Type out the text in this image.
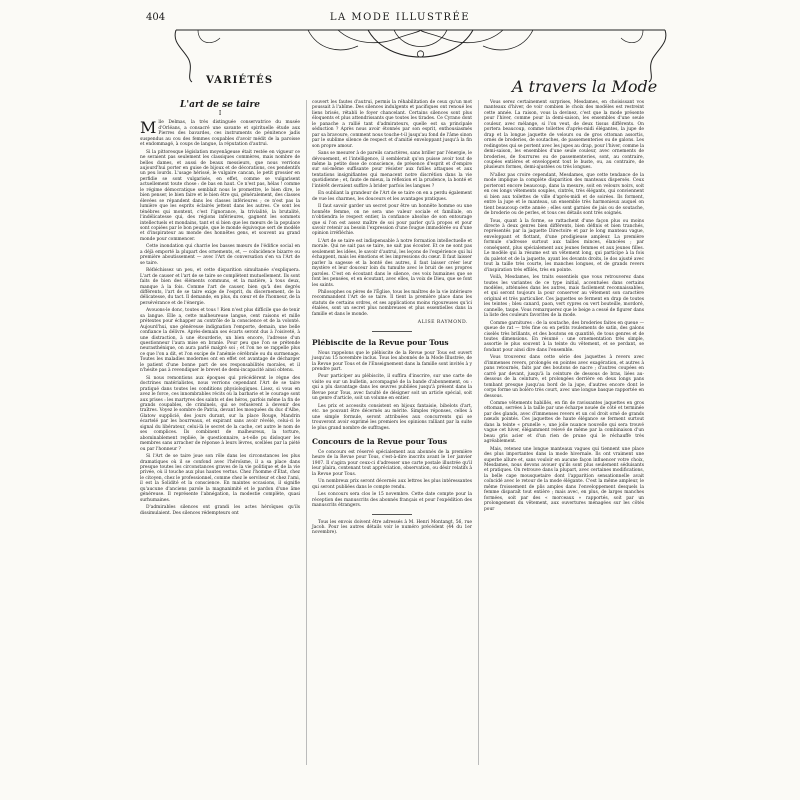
404	LA MODE ILLUSTRÉE
VARIÉTÉS
L'art de se taire
I

Mlle Delmas, la très distinguée conservatrice du musée d'Orléans, a consacré une savante et spirituelle étude aux Pierres des bavardes, ces instruments de pénitence jadis suspendus au cou des femmes coupables d'avoir médit de la paroisse et endommagé, à coups de langue, la réputation d'autrui.

Si la pittoresque législation moyenâgeuse était restée en vigueur ce ne seraient pas seulement les classiques commères, mais nombre de belles dames, et aussi de beaux messieurs, que nous verrions aujourd'hui porter en guise de bijoux et de décorations, ces pendentifs un peu lourds. L'usage hérissé, le vulgaire cancan, le petit grossier en perfidie se sont vulgarisés, en effet, comme se vulgarisent actuellement toute chose : de bas en haut. Ce n'est pas, hélas ! comme le régime démocratique semblait nous le promettre, le bien dire, le bien penser, le bien faire et le bien être qui, généralement, des classes élevées se répandent dans les classes inférieures ; ce n'est pas la lumière que les esprits éclairés jettent dans les autres. Ce sont les ténèbres qui montent, c'est l'ignorance, la trivialité, la brutalité, l'indélicatesse qui, des régions inférieures, gagnent les sommets intellectuels et mondains, tant et si bien que les mœurs de la populace sont copiées par le bon peuple, que le monde équivoque sert de modèle et d'inspirateur au monde des honnêtes gens, et souvent au grand monde pour commencer.

Cette inondation qui charrie les basses mœurs de l'édifice social en a déjà emporté la plupart des ornements, et, — coïncidence bizarre ou première aboutissement — avec l'Art de conversation s'en va l'Art de se taire.

Réfléchissez un peu, et cette disparition simultanée s'expliquera. L'art de causer et l'art de se taire se complètent mutuellement. Ils sont faits de bien des éléments communs, et la matière, à tous deux, manque à la fois. Comme l'art de causer, bien qu'à des degrés différents, l'art de se taire exige de l'esprit, du discernement, de la délicatesse, du tact. Il demande, en plus, du cœur et de l'honneur, de la persévérance et de l'énergie.

Avouons-le donc, toutes et tous ! Rien n'est plus difficile que de tenir sa langue. Elle a, cette malheureuse langue, cent raisons et mille prétextes pour échapper au contrôle de la conscience et de la volonté. Aujourd'hui, une généreuse indignation l'emporte, demain, une belle confiance la délivre. Après-demain ses écarts seront dus à l'oisiveté, à une distraction, à une étourderie, un bien encore, l'adresse d'un questionneur l'aura mise en branle. Pour peu que l'on se prétende neurasthénique, on aura parlé malgré soi ; et l'on ne se rappelle plus ce que l'on a dit, et l'on excipe de l'anémie cérébrale ou du surmenage. Toutes les maladies modernes ont en effet cet avantage de décharger le patient d'une bonne part de ses responsabilités morales, et il n'hésite pas à revendiquer le brevet de demi-incapacité ainsi obtenu.

Si nous remontions aux époques qui précédèrent le règne des doctrines matérialistes, nous verrions cependant l'Art de se taire pratiqué dans toutes les conditions physiologiques. Lisez, si vous en avez le force, ces innombrables récits où la barbarie et le courage sont aux prises : les martyres des saints et des héros, parfois même la fin de grands coupables, de criminels, qui se refusèrent à devenir des traîtres. Voyez le sombre de Patria, devant les mosquées du duc d'Albe, Glatow supplicié, des jours durant, sur la place Rouge, Mandrin écartelé par les bourreaux, et expirant sans avoir révélé, celui-ci le signal du libérateur, celui-là le secret de la cache, cet autre le nom de ses complices. Ils combinent de malheureux, la torture, abominablement repliée, le questionnaire, a-t-elle pu disloquer les membres sans arracher de réponse à leurs lèvres, scellées par la piété ou par l'honneur ?

Si l'Art de se taire joue son rôle dans les circonstances les plus dramatiques où il se confond avec l'héroïsme, il a sa place dans presque toutes les circonstances graves de la vie politique et de la vie privée, où il touche aux plus hautes vertus. Chez l'homme d'État, chez le citoyen, chez le professionnel, comme chez le serviteur et chez l'ami, il est la Solidité et la conscience. En maintes occasions, il signifie qu'aucune d'anciens parole la magnanimité et le pardon d'une âme généreuse. Il représente l'abnégation, la modestie complète, quasi surhumaines.

D'admirables silences ont grandi les actes héroïques qu'ils dissimulaient. Des silences rédempteurs ont

couvert les fautes d'autrui, permis la réhabilitation de ceux qu'un mot poussait à l'abîme. Des silences indulgents et pacifiques ont renoué les liens brisés, rétabli le foyer chancelant. Certains silences sont plus éloquents et plus attendrissants que toutes les tirades. Ce Cyrano dont le panache a rallié tant d'admirateurs, quelle est sa principale séduction ? Après nous avoir étonnés par son esprit, enthousiasmés par sa bravoure, comment nous touche-t-il jusqu'au fond de l'âme sinon par le sublime silence de respect et d'amitié enveloppant jusqu'à la fin son propre amour.

Sans se mesurer à de pareils caractères, sans briller par l'énergie, le dévouement, et l'intelligence, il semblerait qu'on puisse avoir tout de même la petite dose de conscience, de présence d'esprit et d'empire sur soi-même suffisante pour résister aux futiles attaques et aux tentations insignifiantes qui menacent notre discrétion dans la vie quotidienne ; et, faute de mieux, la réflexion et la prudence, la bonté et l'intérêt devraient suffire à brider parfois les langues ?

En oubliant la grandeur de l'Art de se taire on en a perdu également de vue les charmes, les douceurs et les avantages pratiques.

Il faut savoir garder un secret pour être un honnête homme ou une honnête femme, on ne sera une valeur sociale et familiale, on n'obtiendra le respect entier, la confiance absolue de son entourage que si l'on est assez maître de soi pour parler qu'à propos et pour savoir retenir au besoin l'expression d'une fougue immodérée ou d'une opinion irréfléchie.

L'Art de se taire est indispensable à notre formation intellectuelle et morale. Qui ne sait pas se taire, ne sait pas écouter. Et ce ne sont pas seulement les idées, le savoir d'autrui, les leçons de l'expérience qui lui échappent, mais les émotions et les impressions du cœur. Il faut laisser parler la sagesse et la bonté des autres, il faut laisser créer leur mystère et leur douceur loin du tumulte avec le bruit de ses propres paroles. C'est en écoutant dans le silence, ces voix humaines que se font les pensées, et en écoutant, avec elles, la voix de Dieu, que se font les saints.

Philosophes ou pères de l'Église, tous les maîtres de la vie intérieure recommandent l'Art de se taire. Il tient la première place dans les statuts de certains ordres, et ses applications moins rigoureuses qu'ici étalées, sont un secret plus nombreuses et plus essentielles dans la famille et dans le monde.

ALISE RAYMOND.
Plébiscite de la Revue pour Tous

Nous rappelons que le plébiscite de la Revue pour Tous est ouvert jusqu'au 15 novembre inclus. Tous les abonnés de la Mode Illustrée, de la Revue pour Tous et de l'Enseignement dans la famille sont invités à y prendre part.

Pour participer au plébiscite, il suffira d'inscrire, sur une carte de visite ou sur un bulletin, accompagné de la bande d'abonnement, ou : qui a plu davantage dans les œuvres publiées jusqu'à présent dans la Revue pour Tous, avec faculté de désigner soit un article spécial, soit un genre d'article, soit un volume en entier.

Les prix et accessits consistent en bijoux fantaisie, bibelots d'art, etc. ne pouvant être décernés au mérite. Simples réponses, celles à une simple formule, seront attribuées aux concurrents qui se trouveront avoir exprimé les premiers les opinions ralliant par la suite le plus grand nombre de suffrages.

Concours de la Revue pour Tous

Ce concours est réservé spécialement aux abonnés de la première heure de la Revue pour Tous, c'est-à-dire inscrits avant le 1er janvier 1907. Il s'agira pour ceux-ci d'adresser une carte postale illustrée qu'il leur plaira, contenant tout appréciation, observation, ou désir relatifs à la Revue pour Tous.

Un nombreux prix seront décernés aux lettres les plus intéressantes qui seront publiées dans le compte rendu.

Les concours sera clos le 15 novembre. Cette date compte pour la réception des manuscrits des abonnés français et pour l'expédition des manuscrits étrangers.

Tous les envois doivent être adressés à M. Henri Montangt, 56, rue Jacob. Pour les autres détails voir le numéro précédent (44 du 1er novembre).

A travers la Mode

Vous serez certainement surprises, Mesdames, en choisissant vos manteaux d'hiver, de voir combien le choix des modèles est restreint cette année. La raison, vous la devinez, c'est que la mode présente pour l'hiver, comme pour la demi-saison, les ensembles d'une seule couleur, avec mélange, si l'on veut, de deux tissus différents. On portera beaucoup, comme toilettes d'après-midi élégantes, la jupe de drap et la longue jaquette de velours ou de gros ottoman assortis, ornés de broderies, de soutaches, de passementeries ou de galons. Les redingotes qui se portent avec les jupes au drap, pour l'hiver, comme la demi-saison, les ensembles d'une seule couleur, avec ornements de broderies, de fourrures ou de passementeries, sont, au contraire, coupées entières et enveloppent tout le buste, ou, au contraire, de plusieurs formes, demi-ajustées ou très longues.

N'allez pas croire cependant, Mesdames, que cette tendance de la mode implique la complète disparition des manteaux dispersés. Ceux porteront encore beaucoup, dans la mesure, soit en velours noirs, soit en ces longs vêtements souples, cintrés, très élégants, qui conviennent si bien aux toilettes de ville d'après-midi et de soirées. Ils forment, entre la jupe et le manteau, un ensemble très harmonieux auquel on tient beaucoup cette année ; elles sont garnies de jais ou de soutache, de broderie ou de perles, et tous ces détails sont très soignés.

Tous, quant à la forme, se rattachent d'une façon plus ou moins directe à deux genres bien différents, bien définis et bien tranchés, représentés par la jaquette Directoire et par le long manteau vague, enveloppant et flottant, d'une prodigieuse ampleur. La première formule s'adresse surtout aux tailles minces, élancées ; par conséquent, plus spécialement aux jeunes femmes et aux jeunes filles. Le modèle qui la résume est un vêtement long, qui participe à la fois du paletot et de la jaquette, ayant les devants droits, le dos ajusté avec tout la taille très courte, les manches longues, et de grands revers d'inspiration très effilés, très en pointe.

Voilà, Mesdames, les traits essentiels que vous retrouverez dans toutes les variantes de ce type initial, accentuées dans certains modèles, atténuées dans les autres, mais facilement reconnaissables, et qui seront toujours la pour conserver au vêtement son caractère original et très particulier. Ces jaquettes se ferment en drap de toutes les teintes ; bleu canard, paon, vert cypres ou vert bouteille, mordoré, cannelle, taupe. Vous remarquerez que le beige a cessé de figurer dans la liste des couleurs favorites de la mode.

Comme garnitures : de la soutache, des broderies faites en queue — queue de rat — très fine ou en petits roulements de satin, des galons ciselés très brillants, et des boutons en quantité, de tous genres et de toutes dimensions. En résumé : une ornementation très simple, assortie le plus souvent à la teinte du vêtement, et se perdant, se fondant pour ainsi dire dans l'ensemble.

Vous trouverez dans cette série des jaquettes à revers avec d'immenses revers, prolongés en pointes avec exagération, et autres à pans retournés, faits par des boutons de nacre ; d'autres coupées en carré par devant, jusqu'à la ceinture de dessous de bras, liées au-dessous de la ceinture, et prolongées derrière en deux longs pans tombant presque jusqu'au bord de la jupe, d'autres encore dont le corps forme un boléro très court, avec une longue basque rapportée en dessous.

Comme vêtements habillés, en fin de ravissantes jaquettes en gros ottoman, serrées à la taille par une écharpe nouée de côté et terminée par des glands, avec d'immenses revers et un col droit orné de grands nœuds pointés. Ces jaquettes de haute élégance se ferment surtout dans la teinte « prunelle », une jolie nuance nouvelle qui sera trouvé vague cet hiver, élégamment relevé de même par la combinaison d'un beau gris acier et d'un rien de prune qui le réchauffe très agréablement.

Mais, retenez une longue manteaux vagues qui tiennent une place des plus importantes dans la mode hivernale. Ils ont vraiment une superbe allure et, sans vouloir en aucune façon influencer votre choix, Mesdames, nous devons avouer qu'ils sont plus seulement séduisants et pratiques. On retrouve dans la plupart, avec certaines modifications, la belle cape mousquetaire dont l'apparition sensationnelle avait coïncidé avec le retour de la mode élégante. C'est la même ampleur, le même froissement de plis amples dans l'enveloppement desquels la femme disparaît tout entière ; mais avec, en plus, de larges manches formées, soit par des « morceaux » rapportés, soit par un prolongement du vêtement, aux ouvertures ménagées sur les côtés pour
